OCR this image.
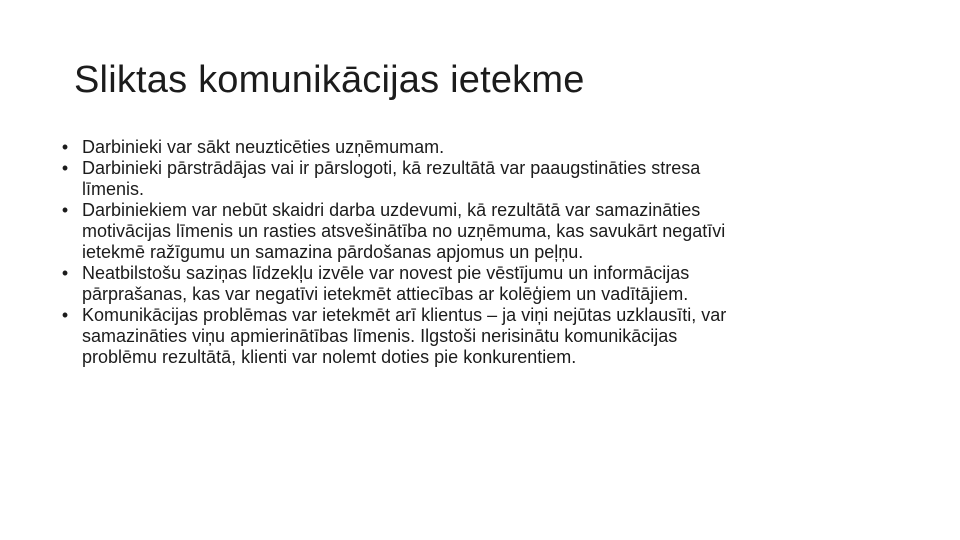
Sliktas komunikācijas ietekme
• Darbinieki var sākt neuzticēties uzņēmumam.
• Darbinieki pārstrādājas vai ir pārslogoti, kā rezultātā var paaugstināties stresa līmenis.
• Darbiniekiem var nebūt skaidri darba uzdevumi, kā rezultātā var samazināties motivācijas līmenis un rasties atsvešinātība no uzņēmuma, kas savukārt negatīvi ietekmē ražīgumu un samazina pārdošanas apjomus un peļņu.
• Neatbilstošu saziņas līdzekļu izvēle var novest pie vēstījumu un informācijas pārprašanas, kas var negatīvi ietekmēt attiecības ar kolēģiem un vadītājiem.
• Komunikācijas problēmas var ietekmēt arī klientus – ja viņi nejūtas uzklausīti, var samazināties viņu apmierinātības līmenis. Ilgstoši nerisinātu komunikācijas problēmu rezultātā, klienti var nolemt doties pie konkurentiem.
